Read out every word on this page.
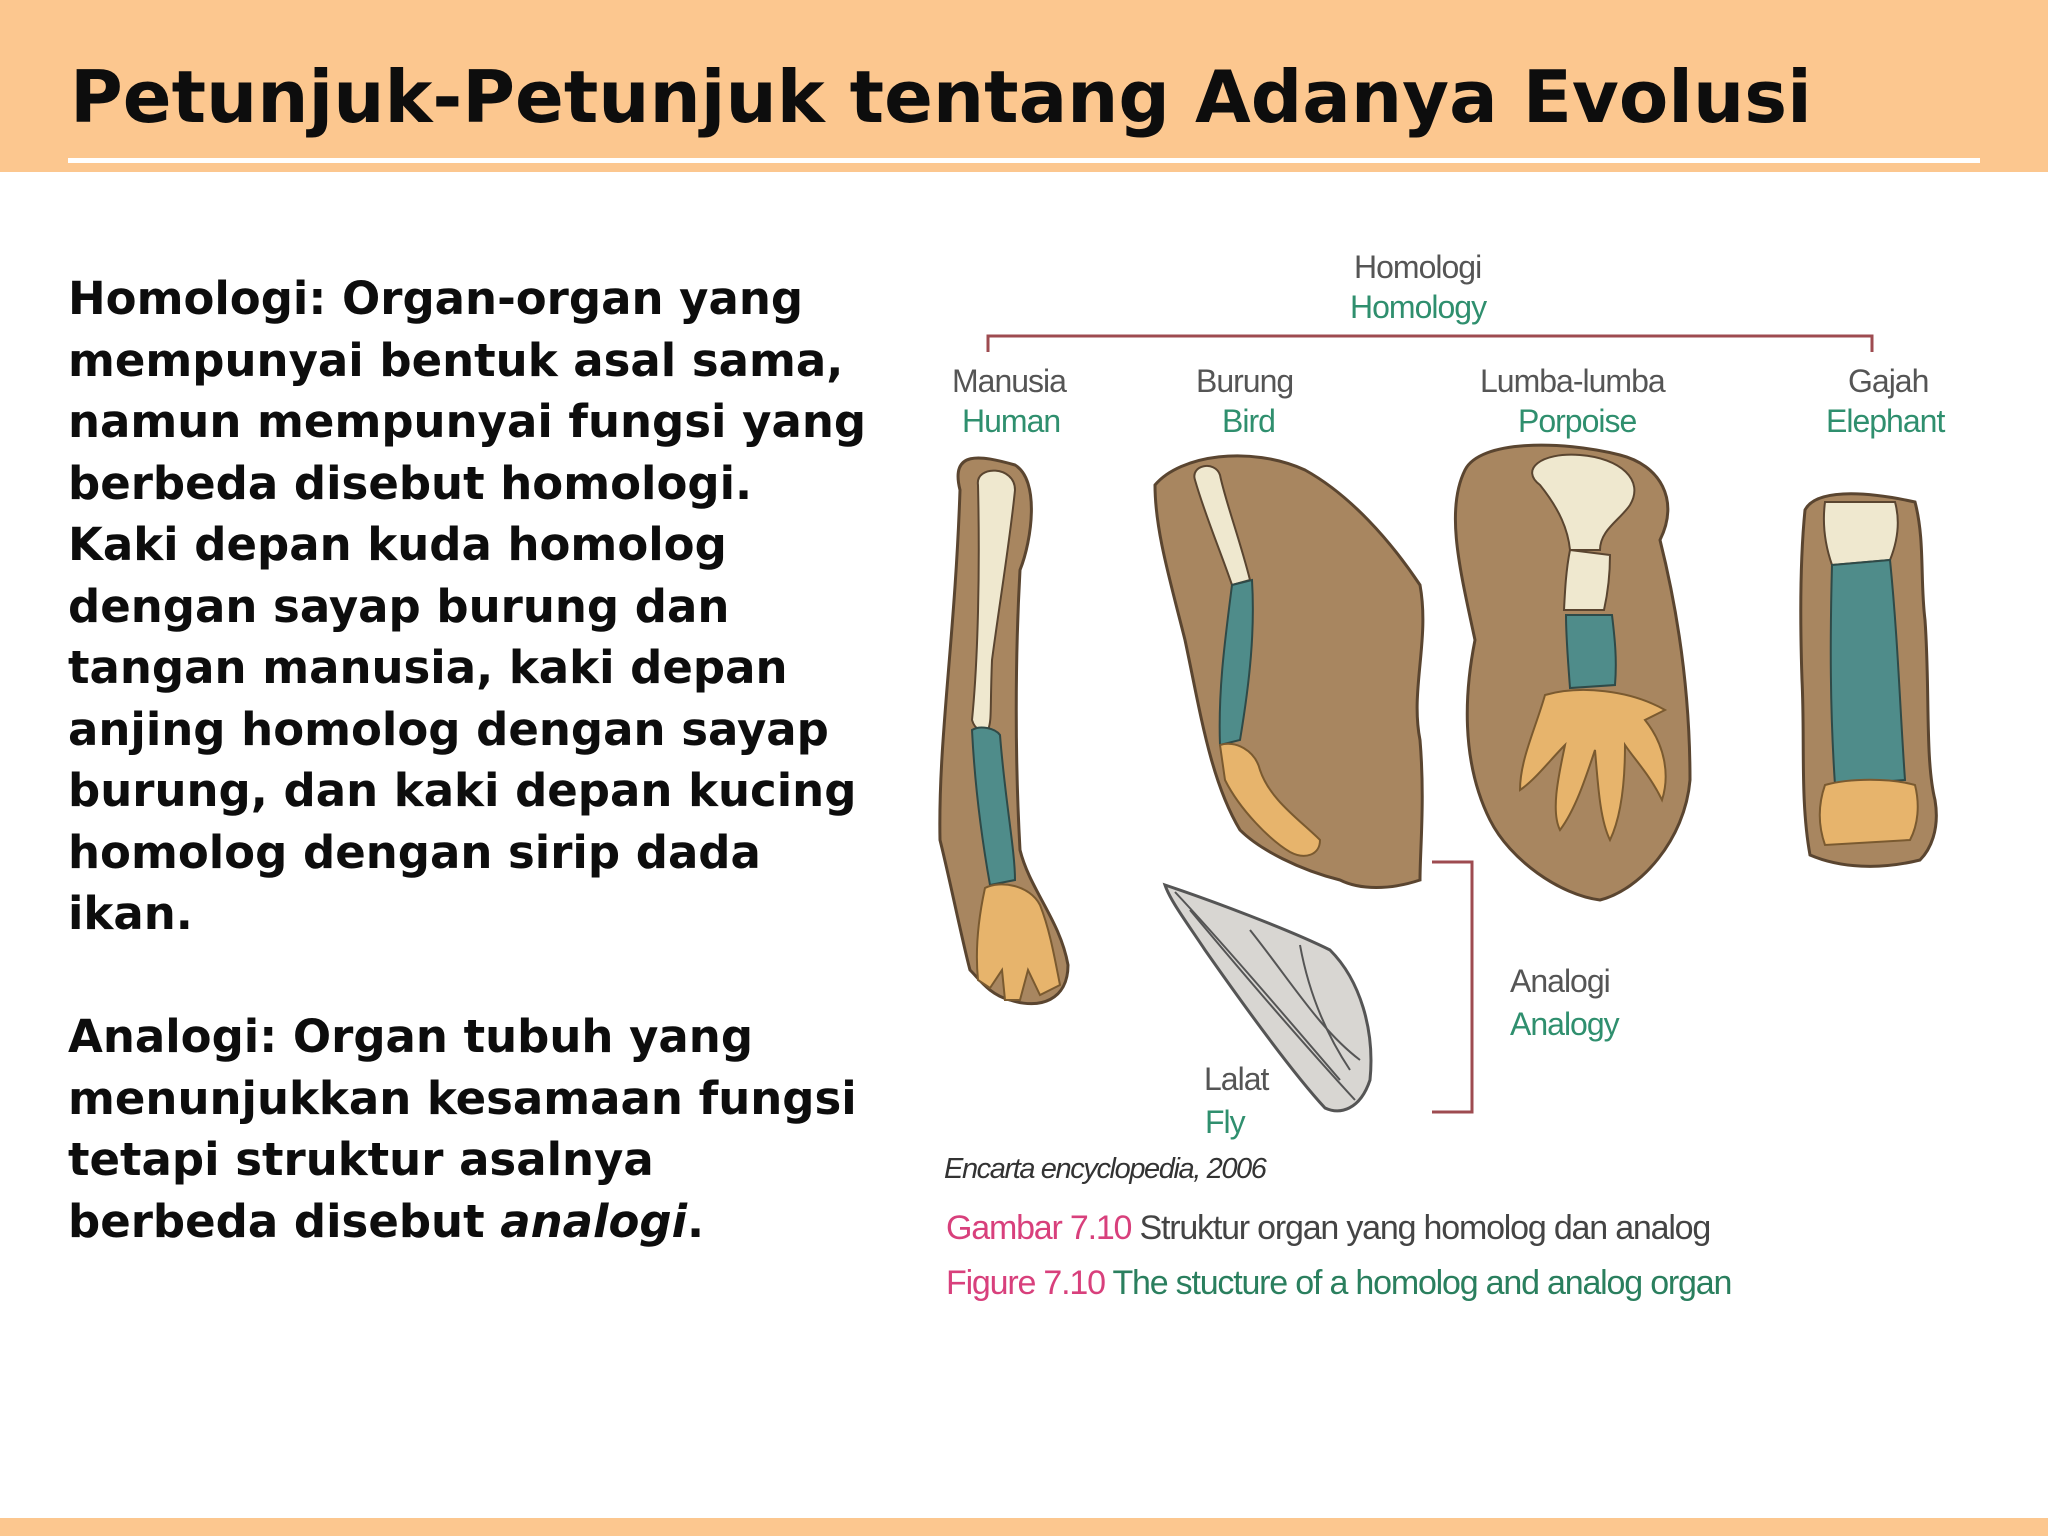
Petunjuk-Petunjuk tentang Adanya Evolusi

Homologi: Organ-organ yang mempunyai bentuk asal sama, namun mempunyai fungsi yang berbeda disebut homologi. Kaki depan kuda homolog dengan sayap burung dan tangan manusia, kaki depan anjing homolog dengan sayap burung, dan kaki depan kucing homolog dengan sirip dada ikan.

Analogi: Organ tubuh yang menunjukkan kesamaan fungsi tetapi struktur asalnya berbeda disebut analogi.

Homologi
Homology
Manusia
Human
Burung
Bird
Lumba-lumba
Porpoise
Gajah
Elephant
Analogi
Analogy
Lalat
Fly
Encarta encyclopedia, 2006
Gambar 7.10 Struktur organ yang homolog dan analog
Figure 7.10 The stucture of a homolog and analog organ
